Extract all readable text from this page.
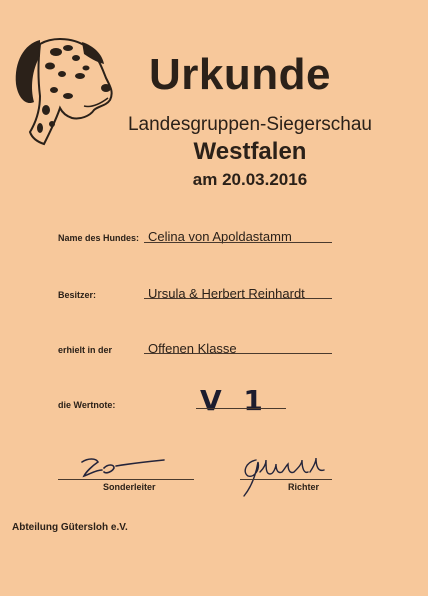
Urkunde
Landesgruppen-Siegerschau
Westfalen
am 20.03.2016
Name des Hundes: Celina von Apoldastamm
Besitzer:	Ursula & Herbert Reinhardt
erhielt in der	Offenen Klasse
die Wertnote:	V 1
Sonderleiter	Richter
Abteilung Gütersloh e.V.
